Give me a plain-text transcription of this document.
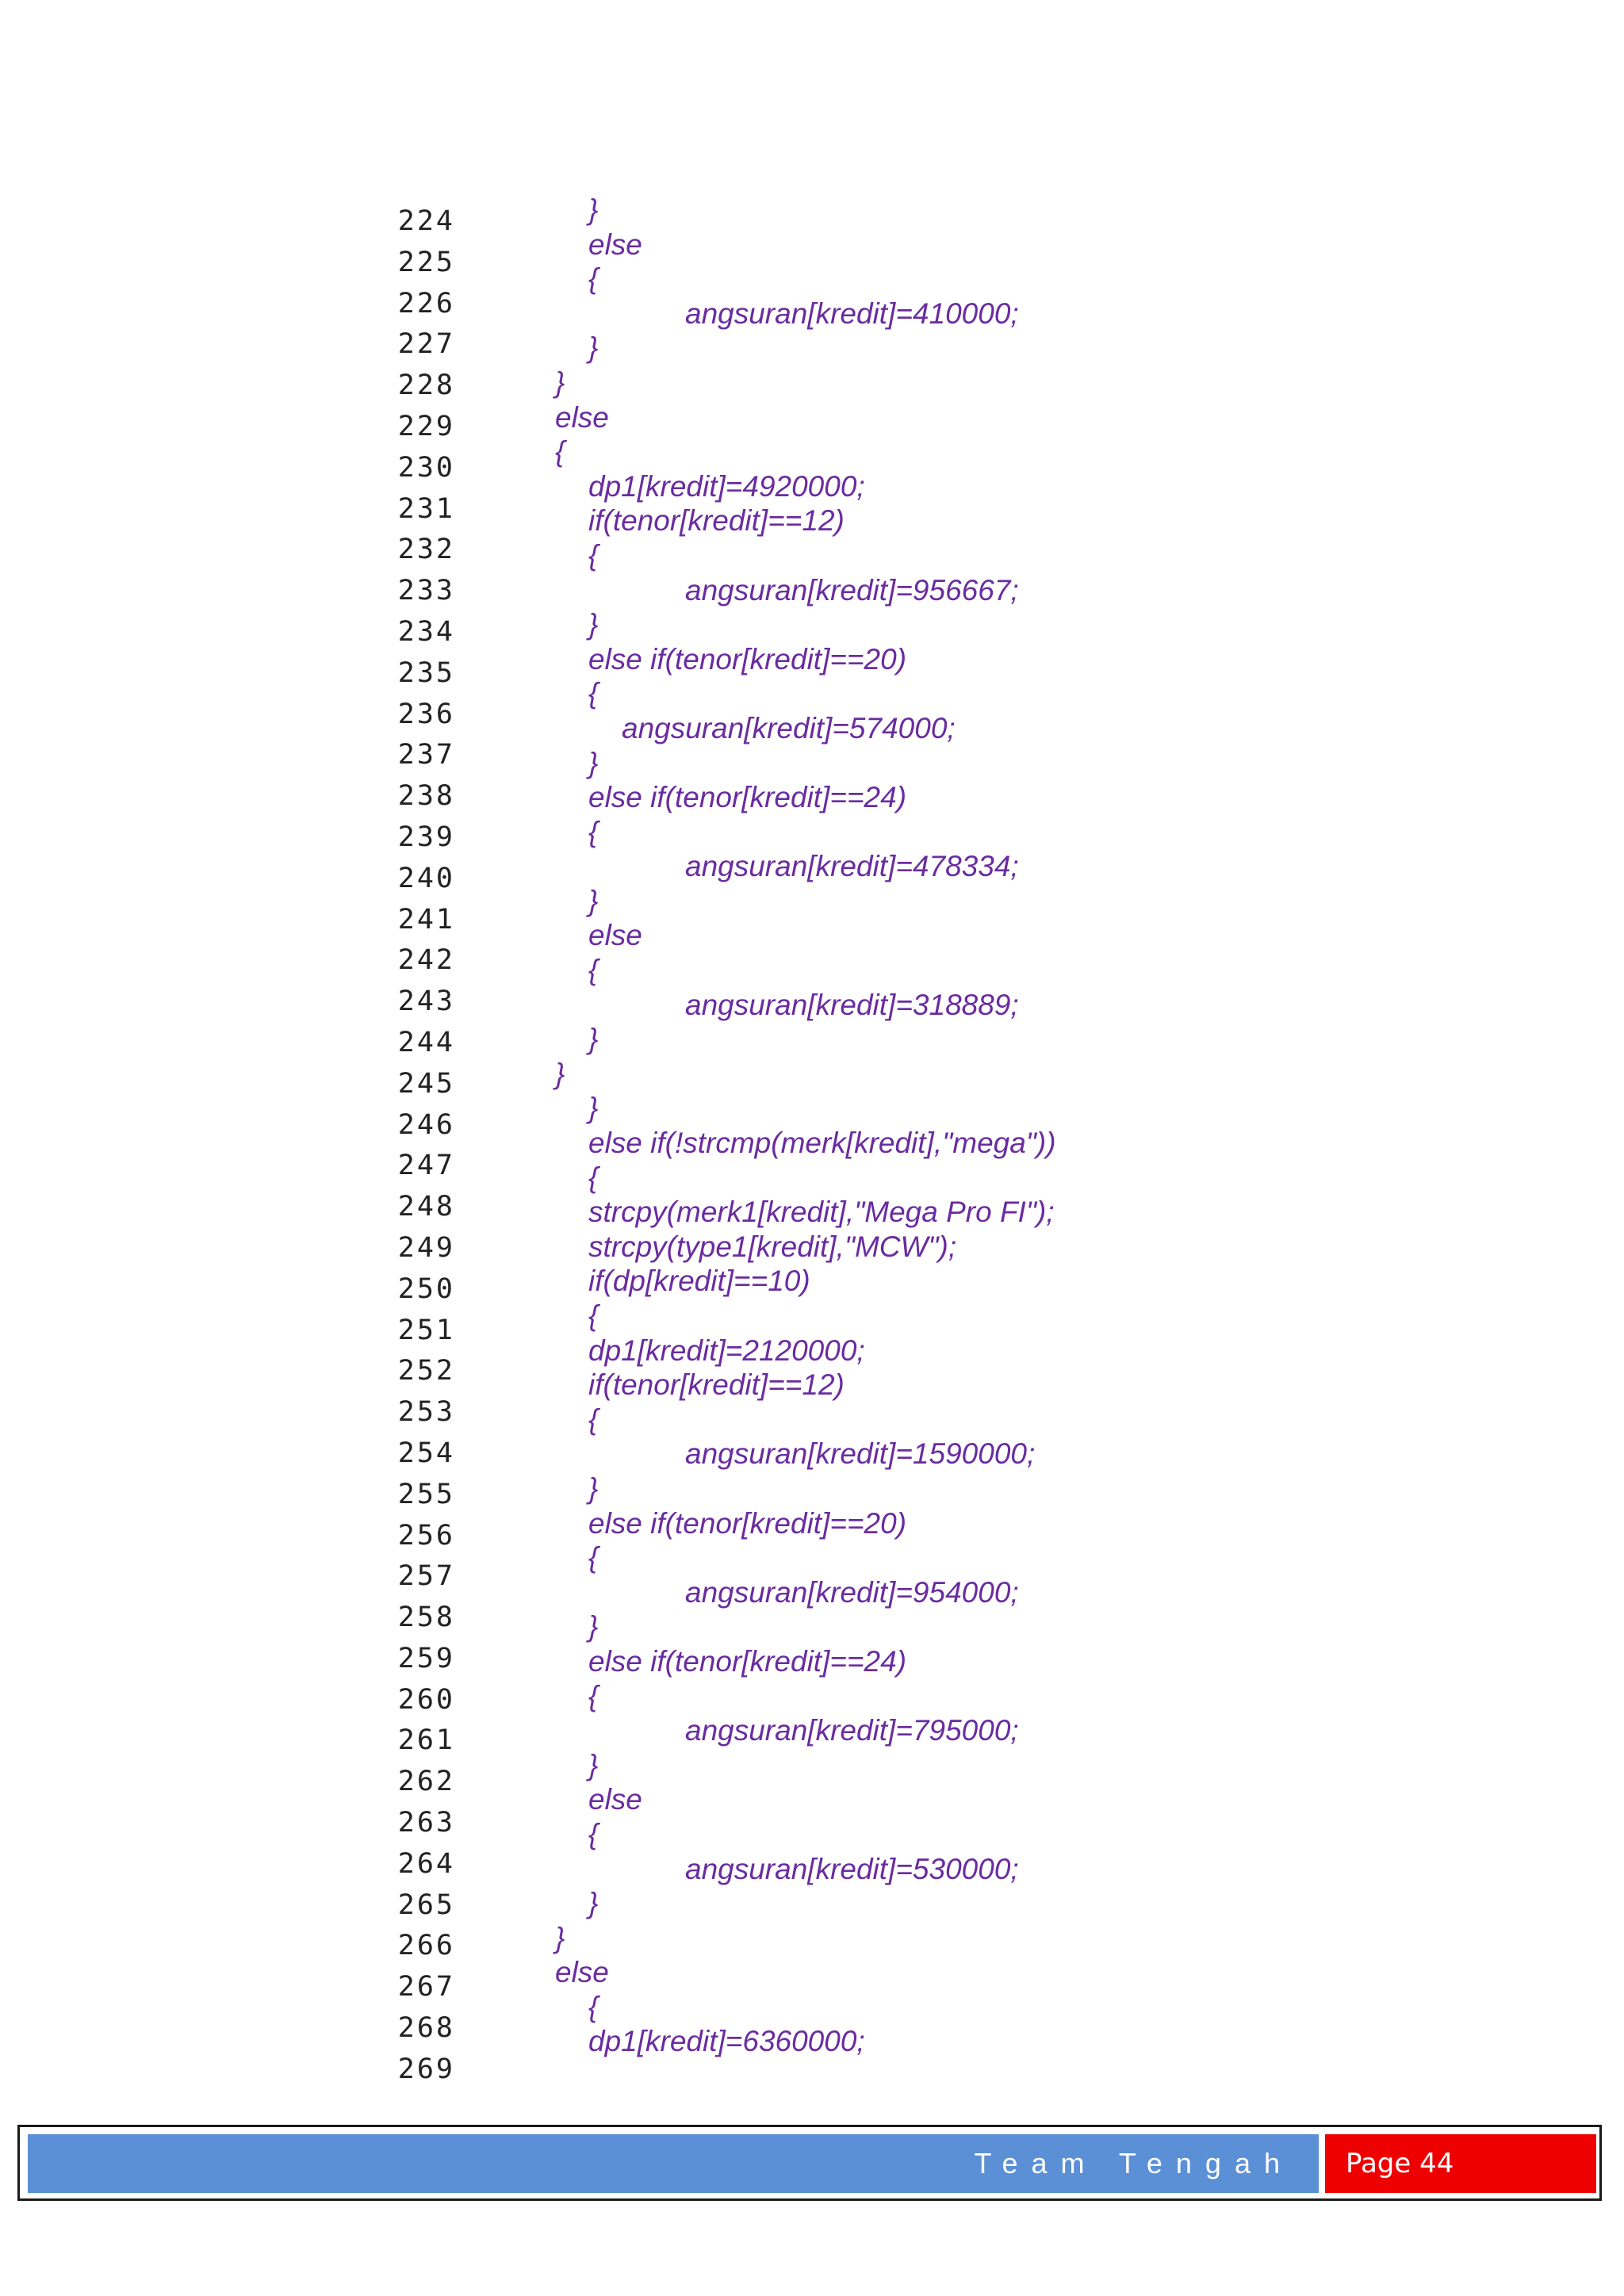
224
225
226
227
228
229
230
231
232
233
234
235
236
237
238
239
240
241
242
243
244
245
246
247
248
249
250
251
252
253
254
255
256
257
258
259
260
261
262
263
264
265
266
267
268
269
}
else
{
angsuran[kredit]=410000;
}
}
else
{
dp1[kredit]=4920000;
if(tenor[kredit]==12)
{
angsuran[kredit]=956667;
}
else if(tenor[kredit]==20)
{
angsuran[kredit]=574000;
}
else if(tenor[kredit]==24)
{
angsuran[kredit]=478334;
}
else
{
angsuran[kredit]=318889;
}
}
}
else if(!strcmp(merk[kredit],"mega"))
{
strcpy(merk1[kredit],"Mega Pro FI");
strcpy(type1[kredit],"MCW");
if(dp[kredit]==10)
{
dp1[kredit]=2120000;
if(tenor[kredit]==12)
{
angsuran[kredit]=1590000;
}
else if(tenor[kredit]==20)
{
angsuran[kredit]=954000;
}
else if(tenor[kredit]==24)
{
angsuran[kredit]=795000;
}
else
{
angsuran[kredit]=530000;
}
}
else
{
dp1[kredit]=6360000;
Team Tengah Page 44
